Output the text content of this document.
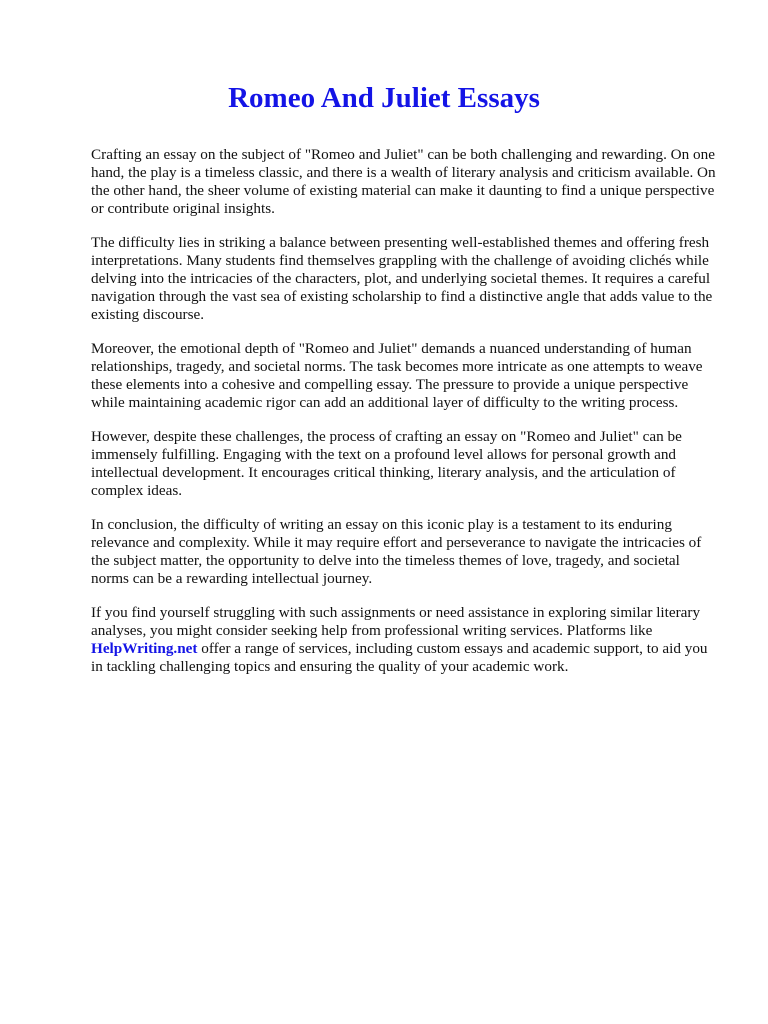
Romeo And Juliet Essays

Crafting an essay on the subject of "Romeo and Juliet" can be both challenging and rewarding. On one hand, the play is a timeless classic, and there is a wealth of literary analysis and criticism available. On the other hand, the sheer volume of existing material can make it daunting to find a unique perspective or contribute original insights.

The difficulty lies in striking a balance between presenting well-established themes and offering fresh interpretations. Many students find themselves grappling with the challenge of avoiding clichés while delving into the intricacies of the characters, plot, and underlying societal themes. It requires a careful navigation through the vast sea of existing scholarship to find a distinctive angle that adds value to the existing discourse.

Moreover, the emotional depth of "Romeo and Juliet" demands a nuanced understanding of human relationships, tragedy, and societal norms. The task becomes more intricate as one attempts to weave these elements into a cohesive and compelling essay. The pressure to provide a unique perspective while maintaining academic rigor can add an additional layer of difficulty to the writing process.

However, despite these challenges, the process of crafting an essay on "Romeo and Juliet" can be immensely fulfilling. Engaging with the text on a profound level allows for personal growth and intellectual development. It encourages critical thinking, literary analysis, and the articulation of complex ideas.

In conclusion, the difficulty of writing an essay on this iconic play is a testament to its enduring relevance and complexity. While it may require effort and perseverance to navigate the intricacies of the subject matter, the opportunity to delve into the timeless themes of love, tragedy, and societal norms can be a rewarding intellectual journey.

If you find yourself struggling with such assignments or need assistance in exploring similar literary analyses, you might consider seeking help from professional writing services. Platforms like HelpWriting.net offer a range of services, including custom essays and academic support, to aid you in tackling challenging topics and ensuring the quality of your academic work.
